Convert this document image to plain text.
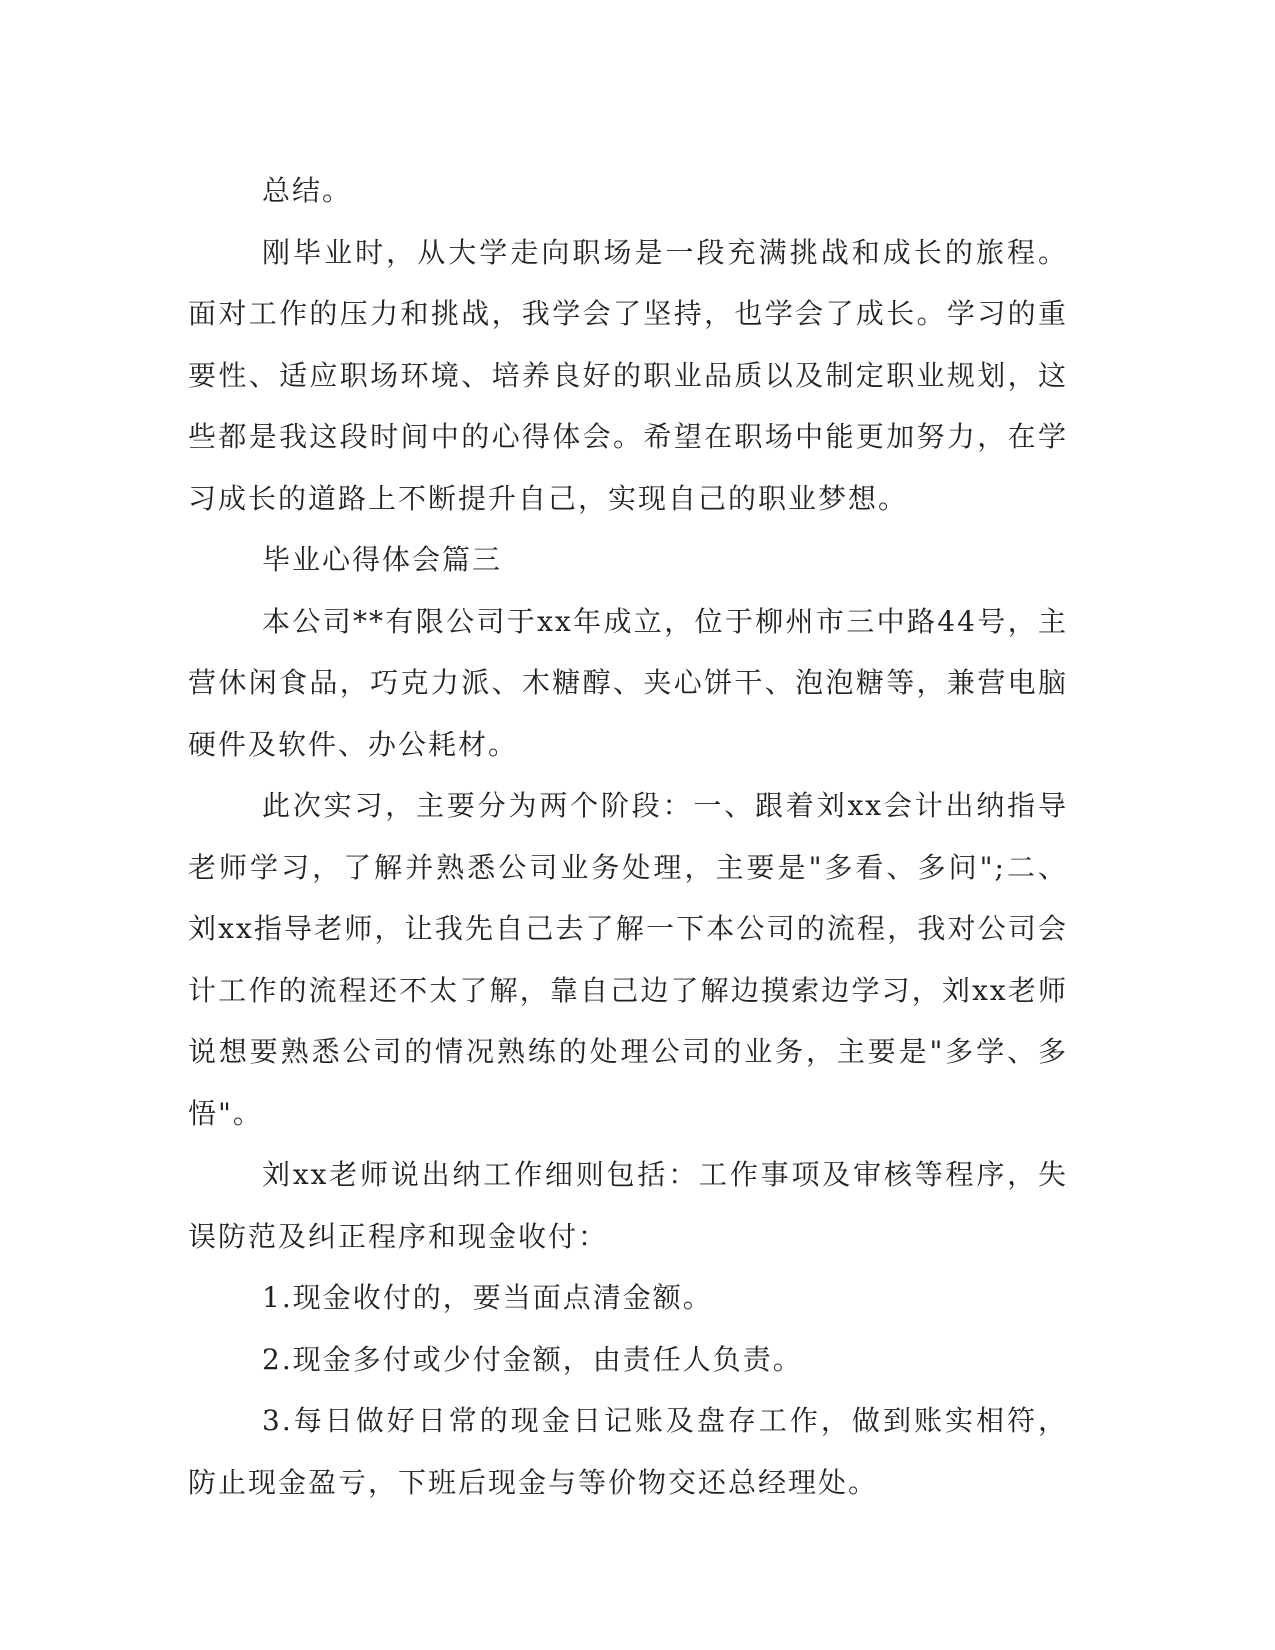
总结。

刚毕业时，从大学走向职场是一段充满挑战和成长的旅程。面对工作的压力和挑战，我学会了坚持，也学会了成长。学习的重要性、适应职场环境、培养良好的职业品质以及制定职业规划，这些都是我这段时间中的心得体会。希望在职场中能更加努力，在学习成长的道路上不断提升自己，实现自己的职业梦想。

毕业心得体会篇三

本公司**有限公司于xx年成立，位于柳州市三中路44号，主营休闲食品，巧克力派、木糖醇、夹心饼干、泡泡糖等，兼营电脑硬件及软件、办公耗材。

此次实习，主要分为两个阶段：一、跟着刘xx会计出纳指导老师学习，了解并熟悉公司业务处理，主要是"多看、多问";二、刘xx指导老师，让我先自己去了解一下本公司的流程，我对公司会计工作的流程还不太了解，靠自己边了解边摸索边学习，刘xx老师说想要熟悉公司的情况熟练的处理公司的业务，主要是"多学、多悟"。

刘xx老师说出纳工作细则包括：工作事项及审核等程序，失误防范及纠正程序和现金收付：

1.现金收付的，要当面点清金额。

2.现金多付或少付金额，由责任人负责。

3.每日做好日常的现金日记账及盘存工作，做到账实相符，防止现金盈亏，下班后现金与等价物交还总经理处。
